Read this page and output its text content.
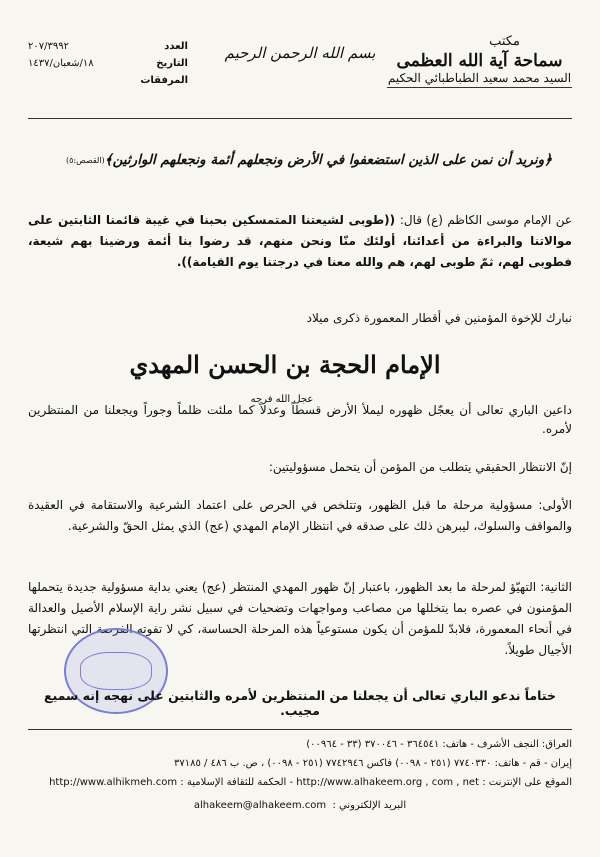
العدد
٢٠٧/٣٩٩٢
التاريخ
١٨/شعبان/١٤٣٧
المرفقات
بسم الله الرحمن الرحيم
مكتب
سماحة آية الله العظمى
السيد محمد سعيد الطباطبائي الحكيم
﴿ونريد أن نمن على الذين استضعفوا في الأرض ونجعلهم أئمة ونجعلهم الوارثين﴾
(القصص:٥)
عن الإمام موسى الكاظم (ع) قال: ((طوبى لشيعتنا المتمسكين بحبنا في غيبة قائمنا الثابتين على موالاتنا والبراءة من أعدائنا، أولئك منّا ونحن منهم، قد رضوا بنا أئمة ورضينا بهم شيعة، فطوبى لهم، ثمّ طوبى لهم، هم والله معنا في درجتنا يوم القيامة)).
نبارك للإخوة المؤمنين في أقطار المعمورة ذكرى ميلاد
الإمام الحجة بن الحسن المهدي عجل الله فرجه
داعين الباري تعالى أن يعجّل ظهوره ليملأ الأرض قسطاً وعدلاً كما ملئت ظلماً وجوراً ويجعلنا من المنتظرين لأمره.
إنّ الانتظار الحقيقي يتطلب من المؤمن أن يتحمل مسؤوليتين:
الأولى: مسؤولية مرحلة ما قبل الظهور، وتتلخص في الحرص على اعتماد الشرعية والاستقامة في العقيدة والمواقف والسلوك، ليبرهن ذلك على صدقه في انتظار الإمام المهدي (عج) الذي يمثل الحقّ والشرعية.
الثانية: التهيّؤ لمرحلة ما بعد الظهور، باعتبار إنّ ظهور المهدي المنتظر (عج) يعني بداية مسؤولية جديدة يتحملها المؤمنون في عصره بما يتخللها من مصاعب ومواجهات وتضحيات في سبيل نشر راية الإسلام الأصيل والعدالة في أنحاء المعمورة، فلابدّ للمؤمن أن يكون مستوعياً هذه المرحلة الحساسة، كي لا تفوته الفرصة التي انتظرتها الأجيال طويلاً.
ختاماً ندعو الباري تعالى أن يجعلنا من المنتظرين لأمره والثابتين على نهجه إنه سميع مجيب.
العراق: النجف الأشرف - هاتف: ٣٦٤٥٤١ - ٣٧٠٠٤٦ (٣٣ - ٠٠٩٦٤)
إيران - قم - هاتف: ٧٧٤٠٣٣٠ (٢٥١ - ٠٠٩٨) فاكس ٧٧٤٢٩٤٦ (٢٥١ - ٠٠٩٨) ، ص. ب ٤٨٦ / ٣٧١٨٥
الموقع على الإنترنت :

http://www.alhakeem.org , com , net
-
الحكمة للثقافة الإسلامية :

http://www.alhikmeh.com
البريد الإلكتروني :  alhakeem@alhakeem.com
